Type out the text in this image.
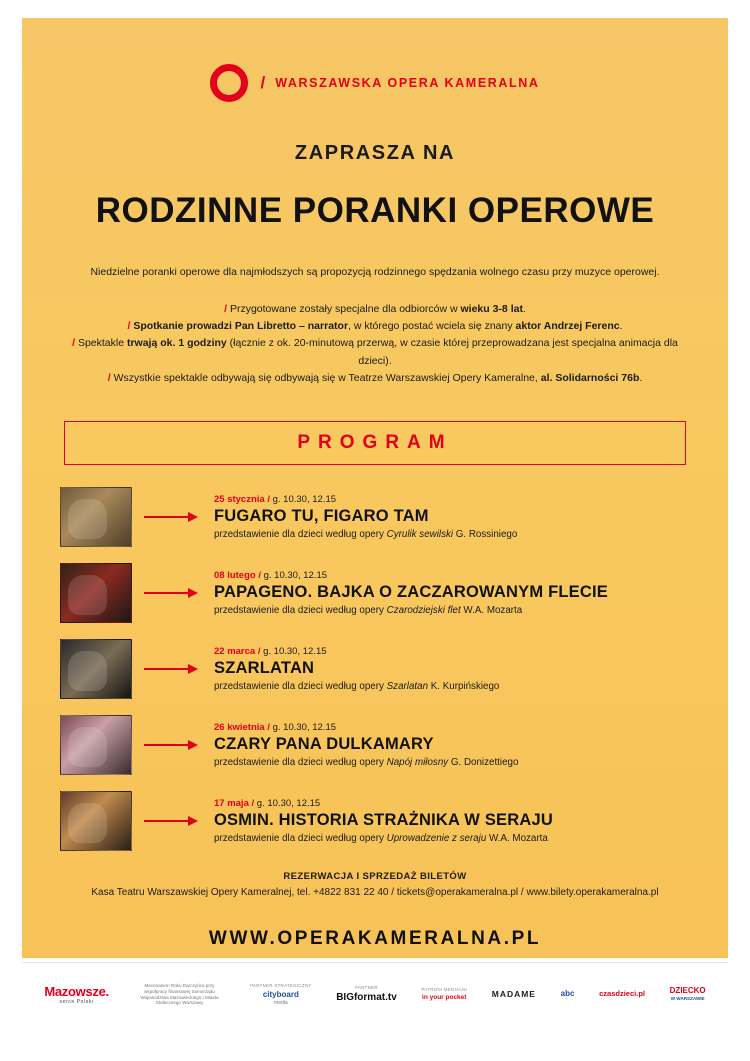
/ WARSZAWSKA OPERA KAMERALNA
ZAPRASZA NA
RODZINNE PORANKI OPEROWE
Niedzielne poranki operowe dla najmłodszych są propozycją rodzinnego spędzania wolnego czasu przy muzyce operowej.
/ Przygotowane zostały specjalne dla odbiorców w wieku 3-8 lat.
/ Spotkanie prowadzi Pan Libretto – narrator, w którego postać wciela się znany aktor Andrzej Ferenc.
/ Spektakle trwają ok. 1 godziny (łącznie z ok. 20-minutową przerwą, w czasie której przeprowadzana jest specjalna animacja dla dzieci).
/ Wszystkie spektakle odbywają się odbywają się w Teatrze Warszawskiej Opery Kameralne, al. Solidarności 76b.
PROGRAM
25 stycznia / g. 10.30, 12.15
FUGARO TU, FIGARO TAM
przedstawienie dla dzieci według opery Cyrulik sewilski G. Rossiniego
08 lutego / g. 10.30, 12.15
PAPAGENO. BAJKA O ZACZAROWANYM FLECIE
przedstawienie dla dzieci według opery Czarodziejski flet W.A. Mozarta
22 marca / g. 10.30, 12.15
SZARLATAN
przedstawienie dla dzieci według opery Szarlatan K. Kurpińskiego
26 kwietnia / g. 10.30, 12.15
CZARY PANA DULKAMARY
przedstawienie dla dzieci według opery Napój miłosny G. Donizettiego
17 maja / g. 10.30, 12.15
OSMIN. HISTORIA STRAŻNIKA W SERAJU
przedstawienie dla dzieci według opery Uprowadzenie z seraju W.A. Mozarta
REZERWACJA I SPRZEDAŻ BILETÓW
Kasa Teatru Warszawskiej Opery Kameralnej, tel. +4822 831 22 40 / tickets@operakameralna.pl / www.bilety.operakameralna.pl
WWW.OPERAKAMERALNA.PL
Mazowsze.
serce Polski
Mecenasem Roku Darczyńca przy współpracy finansowej Samorządu Województwa Mazowieckiego i Miasta Stołecznego Warszawy
PARTNER STRATEGICZNY
cityboard
media
PARTNER
BIGformat.tv
PATRONI MEDIALNI
in your pocket	MADAME	abc	czasdzieci.pl	DZIECKO
W WARSZAWIE
